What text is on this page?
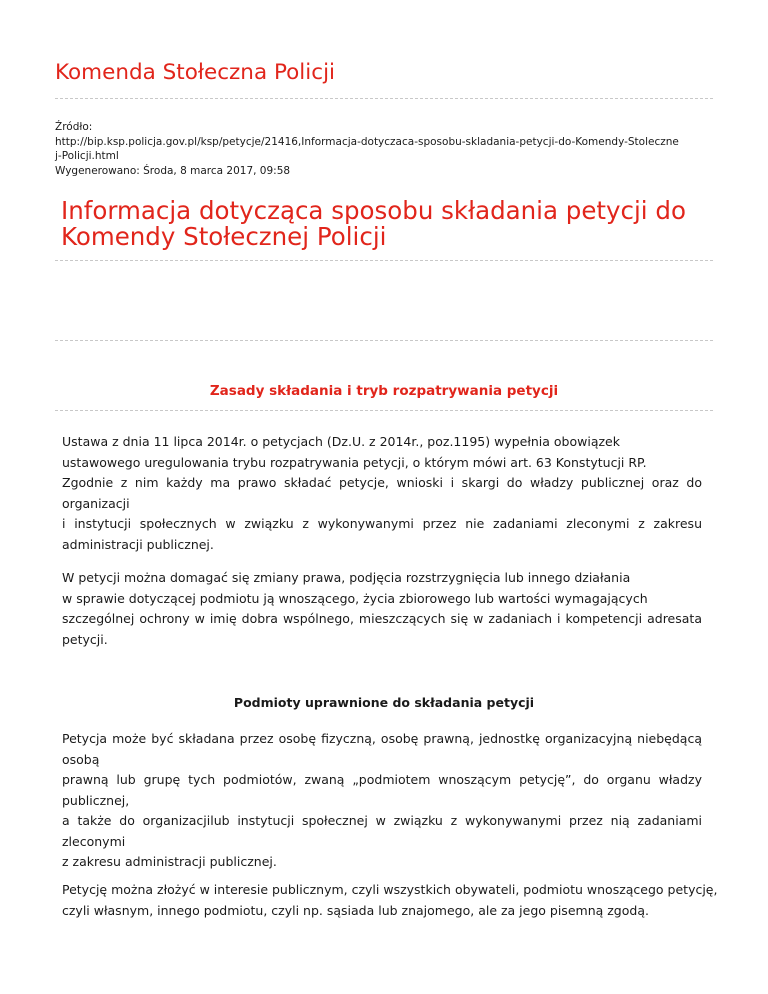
Komenda Stołeczna Policji
Źródło:
http://bip.ksp.policja.gov.pl/ksp/petycje/21416,Informacja-dotyczaca-sposobu-skladania-petycji-do-Komendy-Stoleczne
j-Policji.html
Wygenerowano: Środa, 8 marca 2017, 09:58
Informacja dotycząca sposobu składania petycji do
Komendy Stołecznej Policji
Zasady składania i tryb rozpatrywania petycji
Ustawa z dnia 11 lipca 2014r. o petycjach (Dz.U. z 2014r., poz.1195) wypełnia obowiązek
ustawowego uregulowania trybu rozpatrywania petycji, o którym mówi art. 63 Konstytucji RP.
Zgodnie z nim każdy ma prawo składać petycje, wnioski i skargi do władzy publicznej oraz do
organizacji
i instytucji społecznych w związku z wykonywanymi przez nie zadaniami zleconymi z zakresu
administracji publicznej.
W petycji można domagać się zmiany prawa, podjęcia rozstrzygnięcia lub innego działania
w sprawie dotyczącej podmiotu ją wnoszącego, życia zbiorowego lub wartości wymagających
szczególnej ochrony w imię dobra wspólnego, mieszczących się w zadaniach i kompetencji adresata
petycji.
Podmioty uprawnione do składania petycji
Petycja może być składana przez osobę fizyczną, osobę prawną, jednostkę organizacyjną niebędącą
osobą
prawną lub grupę tych podmiotów, zwaną „podmiotem wnoszącym petycję”, do organu władzy
publicznej,
a także do organizacjilub instytucji społecznej w związku z wykonywanymi przez nią zadaniami
zleconymi
z zakresu administracji publicznej.
Petycję można złożyć w interesie publicznym, czyli wszystkich obywateli, podmiotu wnoszącego petycję,
czyli własnym, innego podmiotu, czyli np. sąsiada lub znajomego, ale za jego pisemną zgodą.
